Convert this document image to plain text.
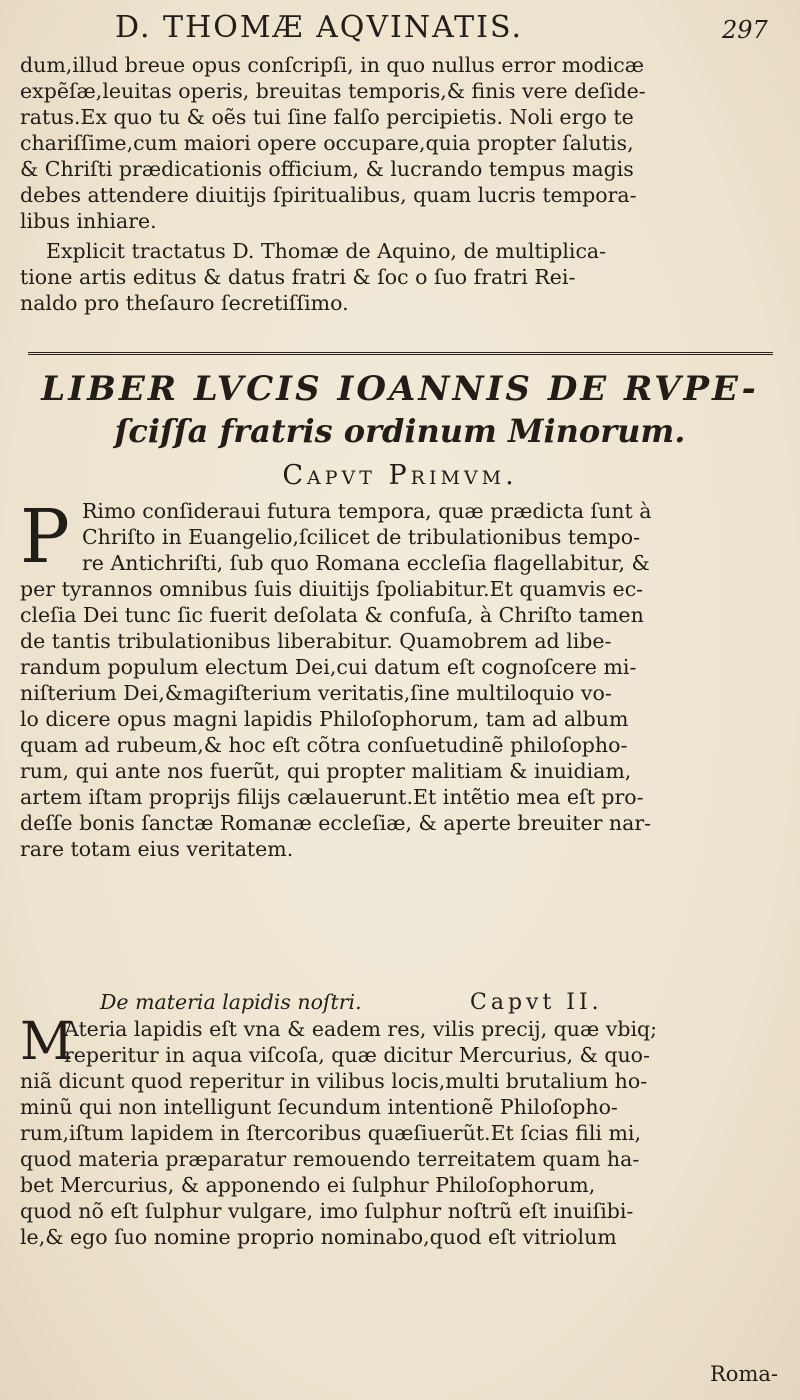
D. THOMÆ AQVINATIS.	297
dum,illud breue opus conſcripſi, in quo nullus error modicæ
expẽſæ,leuitas operis, breuitas temporis,& finis vere deſide-
ratus.Ex quo tu & oẽs tui ſine falſo percipietis. Noli ergo te
chariſſime,cum maiori opere occupare,quia propter ſalutis,
& Chriſti prædicationis officium, & lucrando tempus magis
debes attendere diuitijs ſpiritualibus, quam lucris tempora-
libus inhiare.
Explicit tractatus D. Thomæ de Aquino, de multiplica-
tione artis editus & datus fratri & ſoc o ſuo fratri Rei-
naldo pro theſauro ſecretiſſimo.
LIBER LVCIS IOANNIS DE RVPE-
ſciſſa fratris ordinum Minorum.
Capvt Primvm.
P Rimo conſideraui futura tempora, quæ prædicta ſunt à
Chriſto in Euangelio,ſcilicet de tribulationibus tempo-
re Antichriſti, ſub quo Romana eccleſia flagellabitur, &
per tyrannos omnibus ſuis diuitijs ſpoliabitur.Et quamvis ec-
cleſia Dei tunc ſic fuerit deſolata & confuſa, à Chriſto tamen
de tantis tribulationibus liberabitur. Quamobrem ad libe-
randum populum electum Dei,cui datum eſt cognoſcere mi-
niſterium Dei,&magiſterium veritatis,ſine multiloquio vo-
lo dicere opus magni lapidis Philoſophorum, tam ad album
quam ad rubeum,& hoc eſt cõtra conſuetudinẽ philoſopho-
rum, qui ante nos fuerũt, qui propter malitiam & inuidiam,
artem iſtam proprijs filijs cælauerunt.Et intẽtio mea eſt pro-
deſſe bonis ſanctæ Romanæ eccleſiæ, & aperte breuiter nar-
rare totam eius veritatem.
De materia lapidis noſtri.	Capvt II.
M
Ateria lapidis eſt vna & eadem res, vilis precij, quæ vbiq;
reperitur in aqua viſcoſa, quæ dicitur Mercurius, & quo-
niã dicunt quod reperitur in vilibus locis,multi brutalium ho-
minũ qui non intelligunt ſecundum intentionẽ Philoſopho-
rum,iſtum lapidem in ſtercoribus quæſiuerũt.Et ſcias fili mi,
quod materia præparatur remouendo terreitatem quam ha-
bet Mercurius, & apponendo ei ſulphur Philoſophorum,
quod nõ eſt ſulphur vulgare, imo ſulphur noſtrũ eſt inuiſibi-
le,& ego ſuo nomine proprio nominabo,quod eſt vitriolum
Roma-
